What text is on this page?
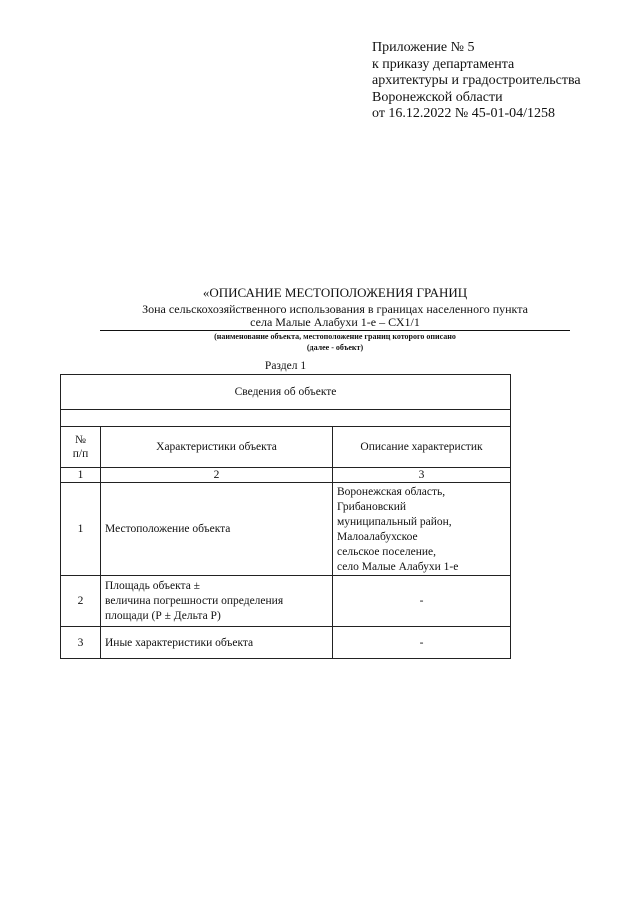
Приложение № 5
к приказу департамента
архитектуры и градостроительства
Воронежской области
от 16.12.2022 № 45-01-04/1258
«ОПИСАНИЕ МЕСТОПОЛОЖЕНИЯ ГРАНИЦ
Зона сельскохозяйственного использования в границах населенного пункта
села Малые Алабухи 1-е – СХ1/1
(наименование объекта, местоположение границ которого описано
(далее - объект)
Раздел 1
Сведения об объекте		

№ п/п	Характеристики объекта	Описание характеристик
1	2	3
1	Местоположение объекта	Воронежская область, Грибановский
муниципальный район, Малоалабухское
сельское поселение,
село Малые Алабухи 1-е

2	Площадь объекта ±
величина погрешности определения
площади (Р ± Дельта Р)	-
3	Иные характеристики объекта	-
